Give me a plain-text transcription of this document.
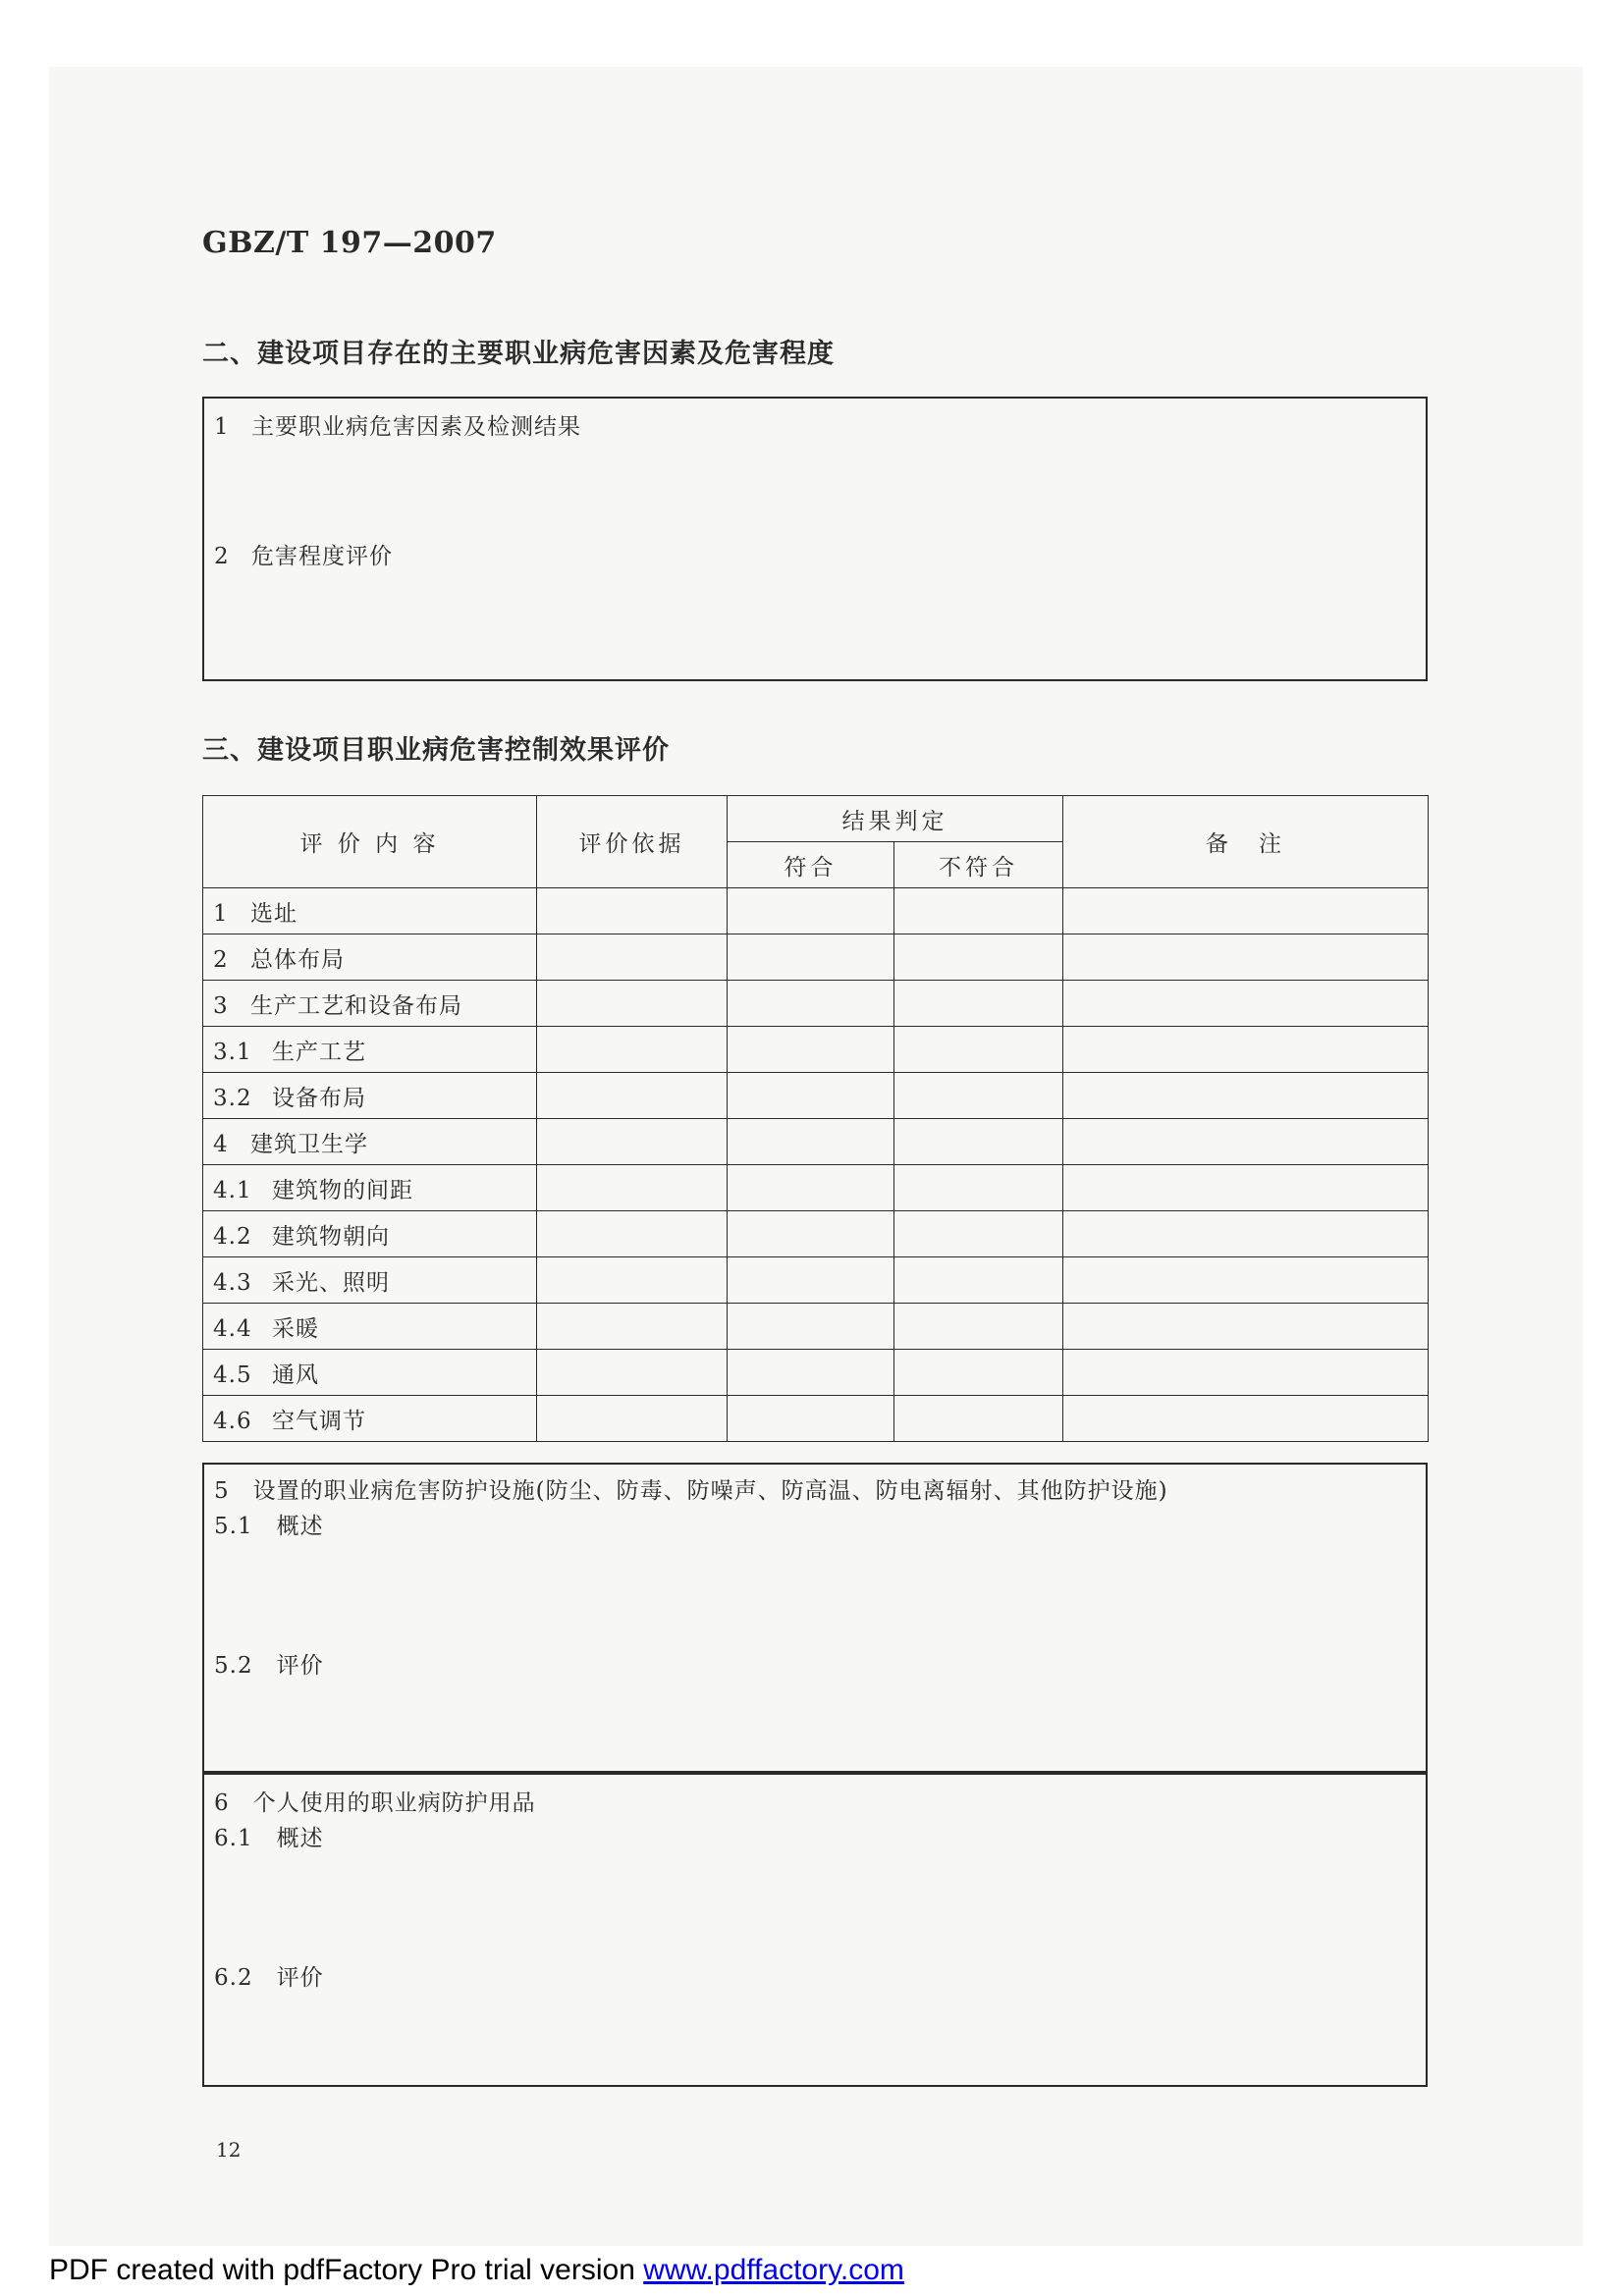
GBZ/T 197—2007
二、建设项目存在的主要职业病危害因素及危害程度
1 主要职业病危害因素及检测结果
2 危害程度评价
三、建设项目职业病危害控制效果评价
评 价 内 容	评价依据	结果判定		备　注
		符合	不符合	
1 选址				
2 总体布局				
3 生产工艺和设备布局				
3.1 生产工艺				
3.2 设备布局				
4 建筑卫生学				
4.1 建筑物的间距				
4.2 建筑物朝向				
4.3 采光、照明				
4.4 采暖				
4.5 通风				
4.6 空气调节				
5　设置的职业病危害防护设施(防尘、防毒、防噪声、防高温、防电离辐射、其他防护设施)
5.1　概述
5.2　评价
6　个人使用的职业病防护用品
6.1　概述
6.2　评价
12
PDF created with pdfFactory Pro trial version www.pdffactory.com
